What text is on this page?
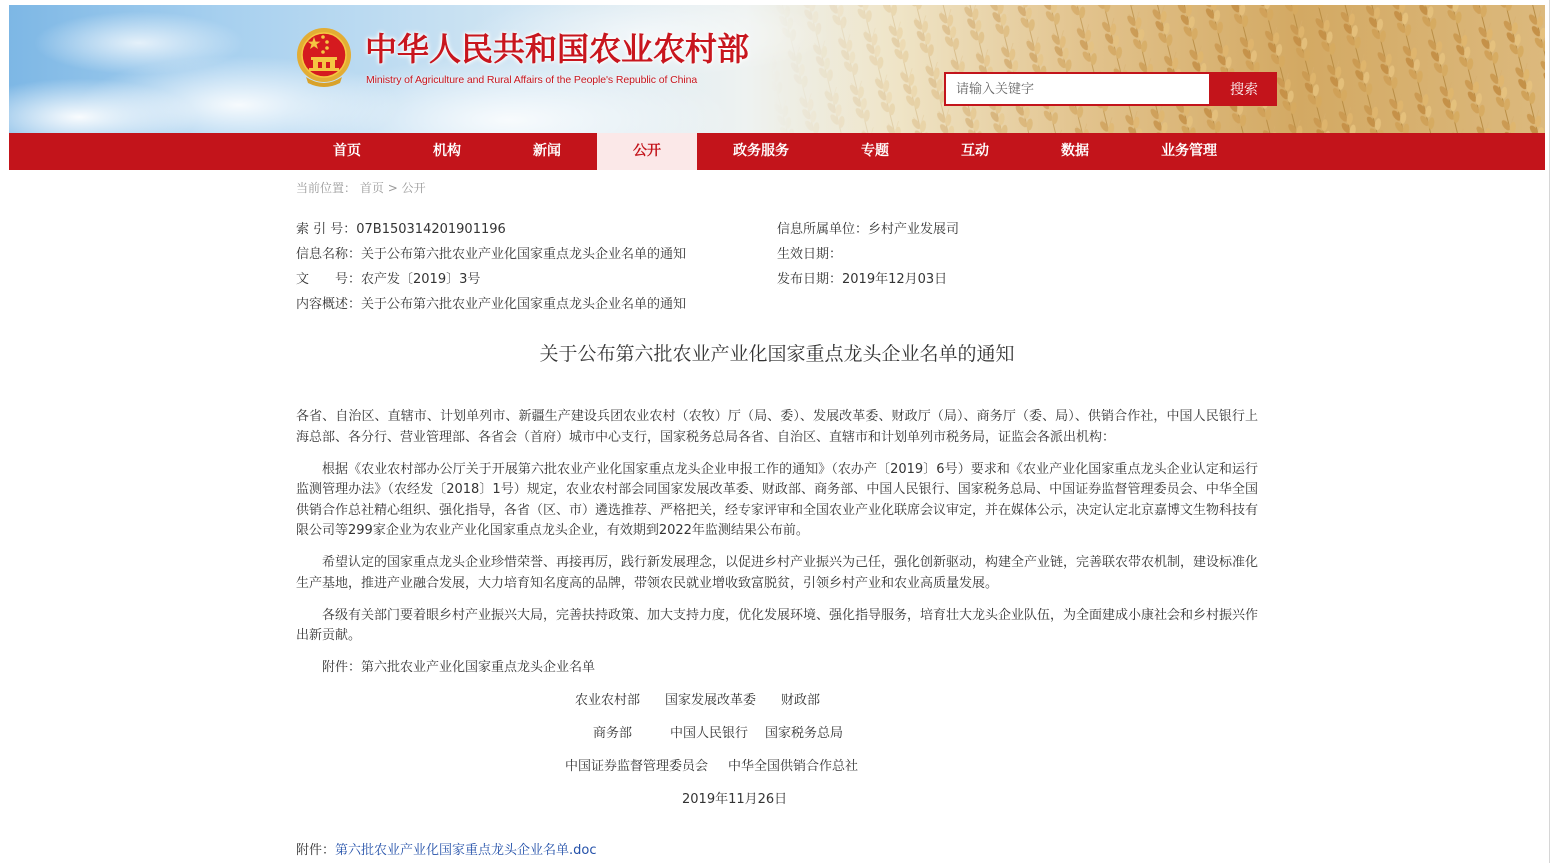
中华人民共和国农业农村部
Ministry of Agriculture and Rural Affairs of the People's Republic of China
请输入关键字
搜索
首页	机构	新闻	公开	政务服务	专题	互动	数据	业务管理
当前位置： 首页 > 公开
索 引 号：07B150314201901196	信息所属单位：乡村产业发展司
信息名称：关于公布第六批农业产业化国家重点龙头企业名单的通知	生效日期：
文　　号：农产发〔2019〕3号	发布日期：2019年12月03日
内容概述：关于公布第六批农业产业化国家重点龙头企业名单的通知
关于公布第六批农业产业化国家重点龙头企业名单的通知

各省、自治区、直辖市、计划单列市、新疆生产建设兵团农业农村（农牧）厅（局、委）、发展改革委、财政厅（局）、商务厅（委、局）、供销合作社，中国人民银行上海总部、各分行、营业管理部、各省会（首府）城市中心支行，国家税务总局各省、自治区、直辖市和计划单列市税务局，证监会各派出机构：

根据《农业农村部办公厅关于开展第六批农业产业化国家重点龙头企业申报工作的通知》（农办产〔2019〕6号）要求和《农业产业化国家重点龙头企业认定和运行监测管理办法》（农经发〔2018〕1号）规定，农业农村部会同国家发展改革委、财政部、商务部、中国人民银行、国家税务总局、中国证券监督管理委员会、中华全国供销合作总社精心组织、强化指导，各省（区、市）遴选推荐、严格把关，经专家评审和全国农业产业化联席会议审定，并在媒体公示，决定认定北京嘉博文生物科技有限公司等299家企业为农业产业化国家重点龙头企业，有效期到2022年监测结果公布前。

希望认定的国家重点龙头企业珍惜荣誉、再接再厉，践行新发展理念，以促进乡村产业振兴为己任，强化创新驱动，构建全产业链，完善联农带农机制，建设标准化生产基地，推进产业融合发展，大力培育知名度高的品牌，带领农民就业增收致富脱贫，引领乡村产业和农业高质量发展。

各级有关部门要着眼乡村产业振兴大局，完善扶持政策、加大支持力度，优化发展环境、强化指导服务，培育壮大龙头企业队伍，为全面建成小康社会和乡村振兴作出新贡献。

附件：第六批农业产业化国家重点龙头企业名单

农业农村部 国家发展改革委 财政部
商务部	中国人民银行 国家税务总局
中国证券监督管理委员会 中华全国供销合作总社
2019年11月26日
附件：第六批农业产业化国家重点龙头企业名单.doc
